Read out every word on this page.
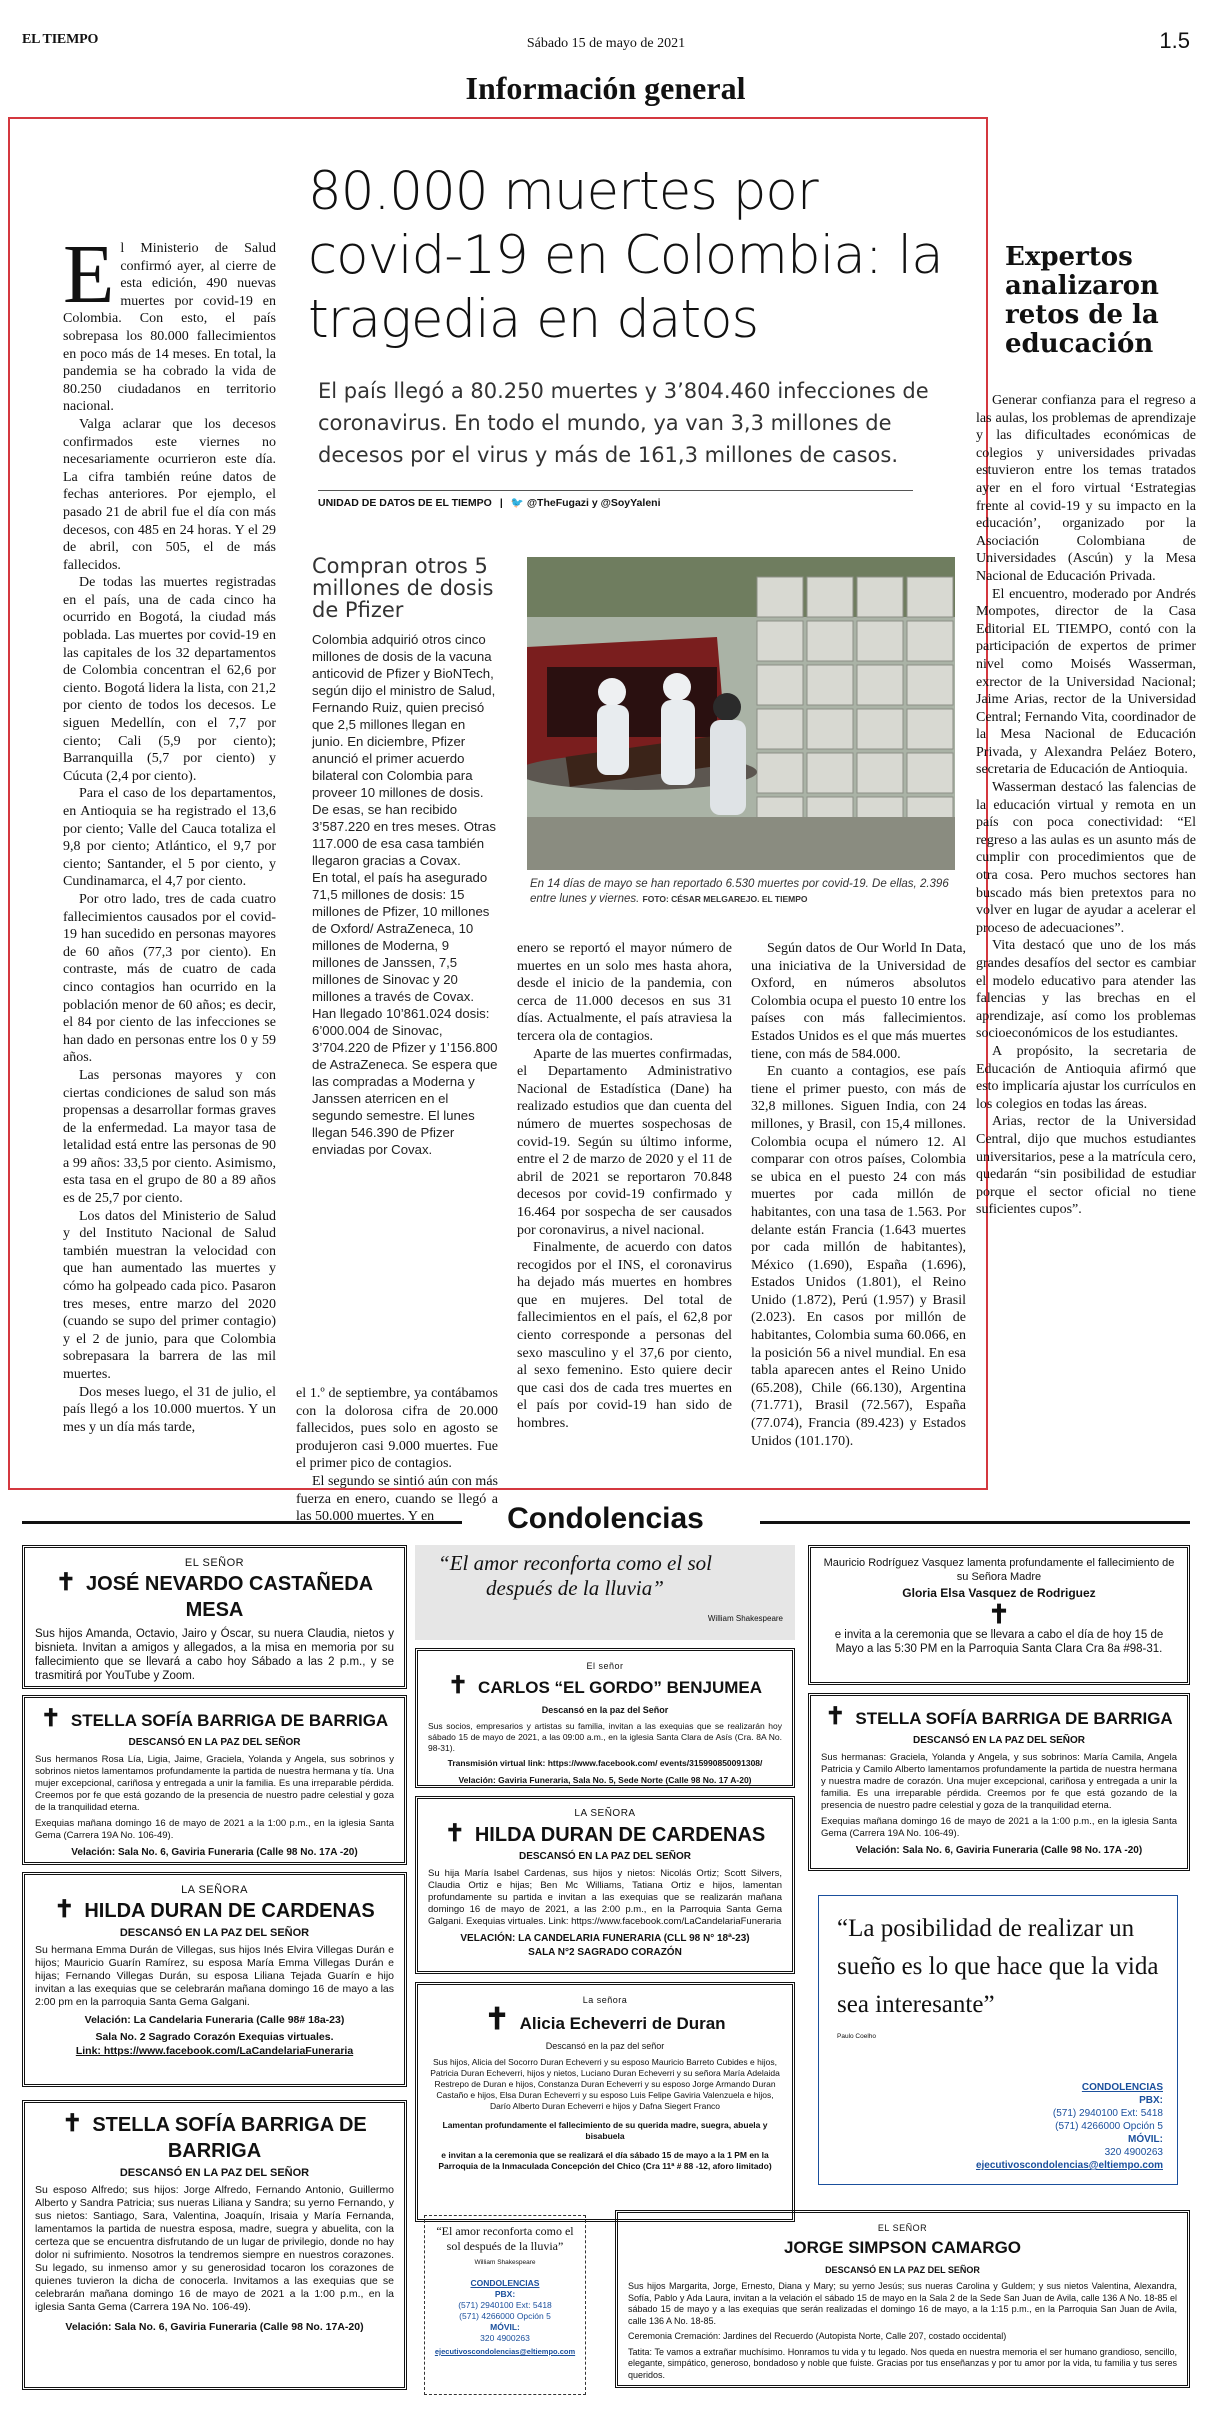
EL TIEMPO	Sábado 15 de mayo de 2021	1.5
Información general
80.000 muertes por covid-19 en Colombia: la tragedia en datos

El país llegó a 80.250 muertes y 3’804.460 infecciones de coronavirus. En todo el mundo, ya van 3,3 millones de decesos por el virus y más de 161,3 millones de casos.

UNIDAD DE DATOS DE EL TIEMPO | 🐦 @TheFugazi y @SoyYaleni
E l Ministerio de Salud confirmó ayer, al cierre de esta edición, 490 nuevas muertes por covid-19 en Colombia. Con esto, el país sobrepasa los 80.000 fallecimientos en poco más de 14 meses. En total, la pandemia se ha cobrado la vida de 80.250 ciudadanos en territorio nacional.

Valga aclarar que los decesos confirmados este viernes no necesariamente ocurrieron este día. La cifra también reúne datos de fechas anteriores. Por ejemplo, el pasado 21 de abril fue el día con más decesos, con 485 en 24 horas. Y el 29 de abril, con 505, el de más fallecidos.

De todas las muertes registradas en el país, una de cada cinco ha ocurrido en Bogotá, la ciudad más poblada. Las muertes por covid-19 en las capitales de los 32 departamentos de Colombia concentran el 62,6 por ciento. Bogotá lidera la lista, con 21,2 por ciento de todos los decesos. Le siguen Medellín, con el 7,7 por ciento; Cali (5,9 por ciento); Barranquilla (5,7 por ciento) y Cúcuta (2,4 por ciento).

Para el caso de los departamentos, en Antioquia se ha registrado el 13,6 por ciento; Valle del Cauca totaliza el 9,8 por ciento; Atlántico, el 9,7 por ciento; Santander, el 5 por ciento, y Cundinamarca, el 4,7 por ciento.

Por otro lado, tres de cada cuatro fallecimientos causados por el covid-19 han sucedido en personas mayores de 60 años (77,3 por ciento). En contraste, más de cuatro de cada cinco contagios han ocurrido en la población menor de 60 años; es decir, el 84 por ciento de las infecciones se han dado en personas entre los 0 y 59 años.

Las personas mayores y con ciertas condiciones de salud son más propensas a desarrollar formas graves de la enfermedad. La mayor tasa de letalidad está entre las personas de 90 a 99 años: 33,5 por ciento. Asimismo, esta tasa en el grupo de 80 a 89 años es de 25,7 por ciento.

Los datos del Ministerio de Salud y del Instituto Nacional de Salud también muestran la velocidad con que han aumentado las muertes y cómo ha golpeado cada pico. Pasaron tres meses, entre marzo del 2020 (cuando se supo del primer contagio) y el 2 de junio, para que Colombia sobrepasara la barrera de las mil muertes.

Dos meses luego, el 31 de julio, el país llegó a los 10.000 muertos. Y un mes y un día más tarde,

Compran otros 5 millones de dosis de Pfizer

Colombia adquirió otros cinco millones de dosis de la vacuna anticovid de Pfizer y BioNTech, según dijo el ministro de Salud, Fernando Ruiz, quien precisó que 2,5 millones llegan en junio. En diciembre, Pfizer anunció el primer acuerdo bilateral con Colombia para proveer 10 millones de dosis. De esas, se han recibido 3’587.220 en tres meses. Otras 117.000 de esa casa también llegaron gracias a Covax.

En total, el país ha asegurado 71,5 millones de dosis: 15 millones de Pfizer, 10 millones de Oxford/ AstraZeneca, 10 millones de Moderna, 9 millones de Janssen, 7,5 millones de Sinovac y 20 millones a través de Covax.

Han llegado 10’861.024 dosis: 6’000.004 de Sinovac, 3’704.220 de Pfizer y 1’156.800 de AstraZeneca. Se espera que las compradas a Moderna y Janssen aterricen en el segundo semestre. El lunes llegan 546.390 de Pfizer enviadas por Covax.

En 14 días de mayo se han reportado 6.530 muertes por covid-19. De ellas, 2.396 entre lunes y viernes. FOTO: CÉSAR MELGAREJO. EL TIEMPO

el 1.º de septiembre, ya contábamos con la dolorosa cifra de 20.000 fallecidos, pues solo en agosto se produjeron casi 9.000 muertes. Fue el primer pico de contagios.

El segundo se sintió aún con más fuerza en enero, cuando se llegó a las 50.000 muertes. Y en

enero se reportó el mayor número de muertes en un solo mes hasta ahora, desde el inicio de la pandemia, con cerca de 11.000 decesos en sus 31 días. Actualmente, el país atraviesa la tercera ola de contagios.

Aparte de las muertes confirmadas, el Departamento Administrativo Nacional de Estadística (Dane) ha realizado estudios que dan cuenta del número de muertes sospechosas de covid-19. Según su último informe, entre el 2 de marzo de 2020 y el 11 de abril de 2021 se reportaron 70.848 decesos por covid-19 confirmado y 16.464 por sospecha de ser causados por coronavirus, a nivel nacional.

Finalmente, de acuerdo con datos recogidos por el INS, el coronavirus ha dejado más muertes en hombres que en mujeres. Del total de fallecimientos en el país, el 62,8 por ciento corresponde a personas del sexo masculino y el 37,6 por ciento, al sexo femenino. Esto quiere decir que casi dos de cada tres muertes en el país por covid-19 han sido de hombres.

Según datos de Our World In Data, una iniciativa de la Universidad de Oxford, en números absolutos Colombia ocupa el puesto 10 entre los países con más fallecimientos. Estados Unidos es el que más muertes tiene, con más de 584.000.

En cuanto a contagios, ese país tiene el primer puesto, con más de 32,8 millones. Siguen India, con 24 millones, y Brasil, con 15,4 millones. Colombia ocupa el número 12. Al comparar con otros países, Colombia se ubica en el puesto 24 con más muertes por cada millón de habitantes, con una tasa de 1.563. Por delante están Francia (1.643 muertes por cada millón de habitantes), México (1.690), España (1.696), Estados Unidos (1.801), el Reino Unido (1.872), Perú (1.957) y Brasil (2.023). En casos por millón de habitantes, Colombia suma 60.066, en la posición 56 a nivel mundial. En esa tabla aparecen antes el Reino Unido (65.208), Chile (66.130), Argentina (71.771), Brasil (72.567), España (77.074), Francia (89.423) y Estados Unidos (101.170).

Expertos analizaron retos de la educación

Generar confianza para el regreso a las aulas, los problemas de aprendizaje y las dificultades económicas de colegios y universidades privadas estuvieron entre los temas tratados ayer en el foro virtual ‘Estrategias frente al covid-19 y su impacto en la educación’, organizado por la Asociación Colombiana de Universidades (Ascún) y la Mesa Nacional de Educación Privada.

El encuentro, moderado por Andrés Mompotes, director de la Casa Editorial EL TIEMPO, contó con la participación de expertos de primer nivel como Moisés Wasserman, exrector de la Universidad Nacional; Jaime Arias, rector de la Universidad Central; Fernando Vita, coordinador de la Mesa Nacional de Educación Privada, y Alexandra Peláez Botero, secretaria de Educación de Antioquia.

Wasserman destacó las falencias de la educación virtual y remota en un país con poca conectividad: “El regreso a las aulas es un asunto más de cumplir con procedimientos que de otra cosa. Pero muchos sectores han buscado más bien pretextos para no volver en lugar de ayudar a acelerar el proceso de adecuaciones”.

Vita destacó que uno de los más grandes desafíos del sector es cambiar el modelo educativo para atender las falencias y las brechas en el aprendizaje, así como los problemas socioeconómicos de los estudiantes.

A propósito, la secretaria de Educación de Antioquia afirmó que esto implicaría ajustar los currículos en los colegios en todas las áreas.

Arias, rector de la Universidad Central, dijo que muchos estudiantes universitarios, pese a la matrícula cero, quedarán “sin posibilidad de estudiar porque el sector oficial no tiene suficientes cupos”.

Condolencias
EL SEÑOR
✝ JOSÉ NEVARDO CASTAÑEDA MESA

Sus hijos Amanda, Octavio, Jairo y Óscar, su nuera Claudia, nietos y bisnieta. Invitan a amigos y allegados, a la misa en memoria por su fallecimiento que se llevará a cabo hoy Sábado a las 2 p.m., y se trasmitirá por YouTube y Zoom.

✝ STELLA SOFÍA BARRIGA DE BARRIGA
DESCANSÓ EN LA PAZ DEL SEÑOR

Sus hermanos Rosa Lía, Ligia, Jaime, Graciela, Yolanda y Angela, sus sobrinos y sobrinos nietos lamentamos profundamente la partida de nuestra hermana y tía. Una mujer excepcional, cariñosa y entregada a unir la familia. Es una irreparable pérdida. Creemos por fe que está gozando de la presencia de nuestro padre celestial y goza de la tranquilidad eterna.

Exequias mañana domingo 16 de mayo de 2021 a la 1:00 p.m., en la iglesia Santa Gema (Carrera 19A No. 106-49).

Velación: Sala No. 6, Gaviria Funeraria (Calle 98 No. 17A -20)

LA SEÑORA
✝ HILDA DURAN DE CARDENAS
DESCANSÓ EN LA PAZ DEL SEÑOR

Su hermana Emma Durán de Villegas, sus hijos Inés Elvira Villegas Durán e hijos; Mauricio Guarín Ramírez, su esposa María Emma Villegas Durán e hijas; Fernando Villegas Durán, su esposa Liliana Tejada Guarín e hijo invitan a las exequias que se celebrarán mañana domingo 16 de mayo a las 2:00 pm en la parroquia Santa Gema Galgani.

Velación: La Candelaria Funeraria (Calle 98# 18a-23)

Sala No. 2 Sagrado Corazón Exequias virtuales.

Link: https://www.facebook.com/LaCandelariaFuneraria

✝ STELLA SOFÍA BARRIGA DE BARRIGA
DESCANSÓ EN LA PAZ DEL SEÑOR

Su esposo Alfredo; sus hijos: Jorge Alfredo, Fernando Antonio, Guillermo Alberto y Sandra Patricia; sus nueras Liliana y Sandra; su yerno Fernando, y sus nietos: Santiago, Sara, Valentina, Joaquín, Irisaia y María Fernanda, lamentamos la partida de nuestra esposa, madre, suegra y abuelita, con la certeza que se encuentra disfrutando de un lugar de privilegio, donde no hay dolor ni sufrimiento. Nosotros la tendremos siempre en nuestros corazones. Su legado, su inmenso amor y su generosidad tocaron los corazones de quienes tuvieron la dicha de conocerla. Invitamos a las exequias que se celebrarán mañana domingo 16 de mayo de 2021 a la 1:00 p.m., en la iglesia Santa Gema (Carrera 19A No. 106-49).

Velación: Sala No. 6, Gaviria Funeraria (Calle 98 No. 17A-20)

“El amor reconforta como el sol después de la lluvia”

William Shakespeare

El señor
✝ CARLOS “EL GORDO” BENJUMEA
Descansó en la paz del Señor

Sus socios, empresarios y artistas su familia, invitan a las exequias que se realizarán hoy sábado 15 de mayo de 2021, a las 09:00 a.m., en la iglesia Santa Clara de Asís (Cra. 8A No. 98-31).

Transmisión virtual link: https://www.facebook.com/ events/315990850091308/

Velación: Gaviria Funeraria, Sala No. 5, Sede Norte (Calle 98 No. 17 A-20)

LA SEÑORA
✝ HILDA DURAN DE CARDENAS
DESCANSÓ EN LA PAZ DEL SEÑOR

Su hija María Isabel Cardenas, sus hijos y nietos: Nicolás Ortiz; Scott Silvers, Claudia Ortiz e hijas; Ben Mc Williams, Tatiana Ortiz e hijos, lamentan profundamente su partida e invitan a las exequias que se realizarán mañana domingo 16 de mayo de 2021, a las 2:00 p.m., en la Parroquia Santa Gema Galgani. Exequias virtuales. Link: https://www.facebook.com/LaCandelariaFuneraria

VELACIÓN: LA CANDELARIA FUNERARIA (CLL 98 N° 18ª-23)

SALA N°2 SAGRADO CORAZÓN

La señora
✝ Alicia Echeverri de Duran
Descansó en la paz del señor

Sus hijos, Alicia del Socorro Duran Echeverri y su esposo Mauricio Barreto Cubides e hijos, Patricia Duran Echeverri, hijos y nietos, Luciano Duran Echeverri y su señora María Adelaida Restrepo de Duran e hijos, Constanza Duran Echeverri y su esposo Jorge Armando Duran Castaño e hijos, Elsa Duran Echeverri y su esposo Luis Felipe Gaviria Valenzuela e hijos, Darío Alberto Duran Echeverri e hijos y Dafna Siegert Franco

Lamentan profundamente el fallecimiento de su querida madre, suegra, abuela y bisabuela

e invitan a la ceremonia que se realizará el día sábado 15 de mayo a la 1 PM en la Parroquia de la Inmaculada Concepción del Chico (Cra 11ª # 88 -12, aforo limitado)

“El amor reconforta como el sol después de la lluvia”

William Shakespeare

CONDOLENCIAS
PBX:
(571) 2940100 Ext: 5418
(571) 4266000 Opción 5
MÓVIL:
320 4900263
ejecutivoscondolencias@eltiempo.com

Mauricio Rodríguez Vasquez lamenta profundamente el fallecimiento de su Señora Madre

Gloria Elsa Vasquez de Rodriguez

✝

e invita a la ceremonia que se llevara a cabo el día de hoy 15 de Mayo a las 5:30 PM en la Parroquia Santa Clara Cra 8a #98-31.

✝ STELLA SOFÍA BARRIGA DE BARRIGA
DESCANSÓ EN LA PAZ DEL SEÑOR

Sus hermanas: Graciela, Yolanda y Angela, y sus sobrinos: María Camila, Angela Patricia y Camilo Alberto lamentamos profundamente la partida de nuestra hermana y nuestra madre de corazón. Una mujer excepcional, cariñosa y entregada a unir la familia. Es una irreparable pérdida. Creemos por fe que está gozando de la presencia de nuestro padre celestial y goza de la tranquilidad eterna.

Exequias mañana domingo 16 de mayo de 2021 a la 1:00 p.m., en la iglesia Santa Gema (Carrera 19A No. 106-49).

Velación: Sala No. 6, Gaviria Funeraria (Calle 98 No. 17A -20)

“La posibilidad de realizar un sueño es lo que hace que la vida sea interesante”

Paulo Coelho

CONDOLENCIAS
PBX:
(571) 2940100 Ext: 5418
(571) 4266000 Opción 5
MÓVIL:
320 4900263
ejecutivoscondolencias@eltiempo.com
EL SEÑOR
JORGE SIMPSON CAMARGO
DESCANSÓ EN LA PAZ DEL SEÑOR

Sus hijos Margarita, Jorge, Ernesto, Diana y Mary; su yerno Jesús; sus nueras Carolina y Guldem; y sus nietos Valentina, Alexandra, Sofía, Pablo y Ada Laura, invitan a la velación el sábado 15 de mayo en la Sala 2 de la Sede San Juan de Avila, calle 136 A No. 18-85 el sábado 15 de mayo y a las exequias que serán realizadas el domingo 16 de mayo, a la 1:15 p.m., en la Parroquia San Juan de Avila, calle 136 A No. 18-85.

Ceremonia Cremación: Jardines del Recuerdo (Autopista Norte, Calle 207, costado occidental)

Tatita: Te vamos a extrañar muchísimo. Honramos tu vida y tu legado. Nos queda en nuestra memoria el ser humano grandioso, sencillo, elegante, simpático, generoso, bondadoso y noble que fuiste. Gracias por tus enseñanzas y por tu amor por la vida, tu familia y tus seres queridos.
